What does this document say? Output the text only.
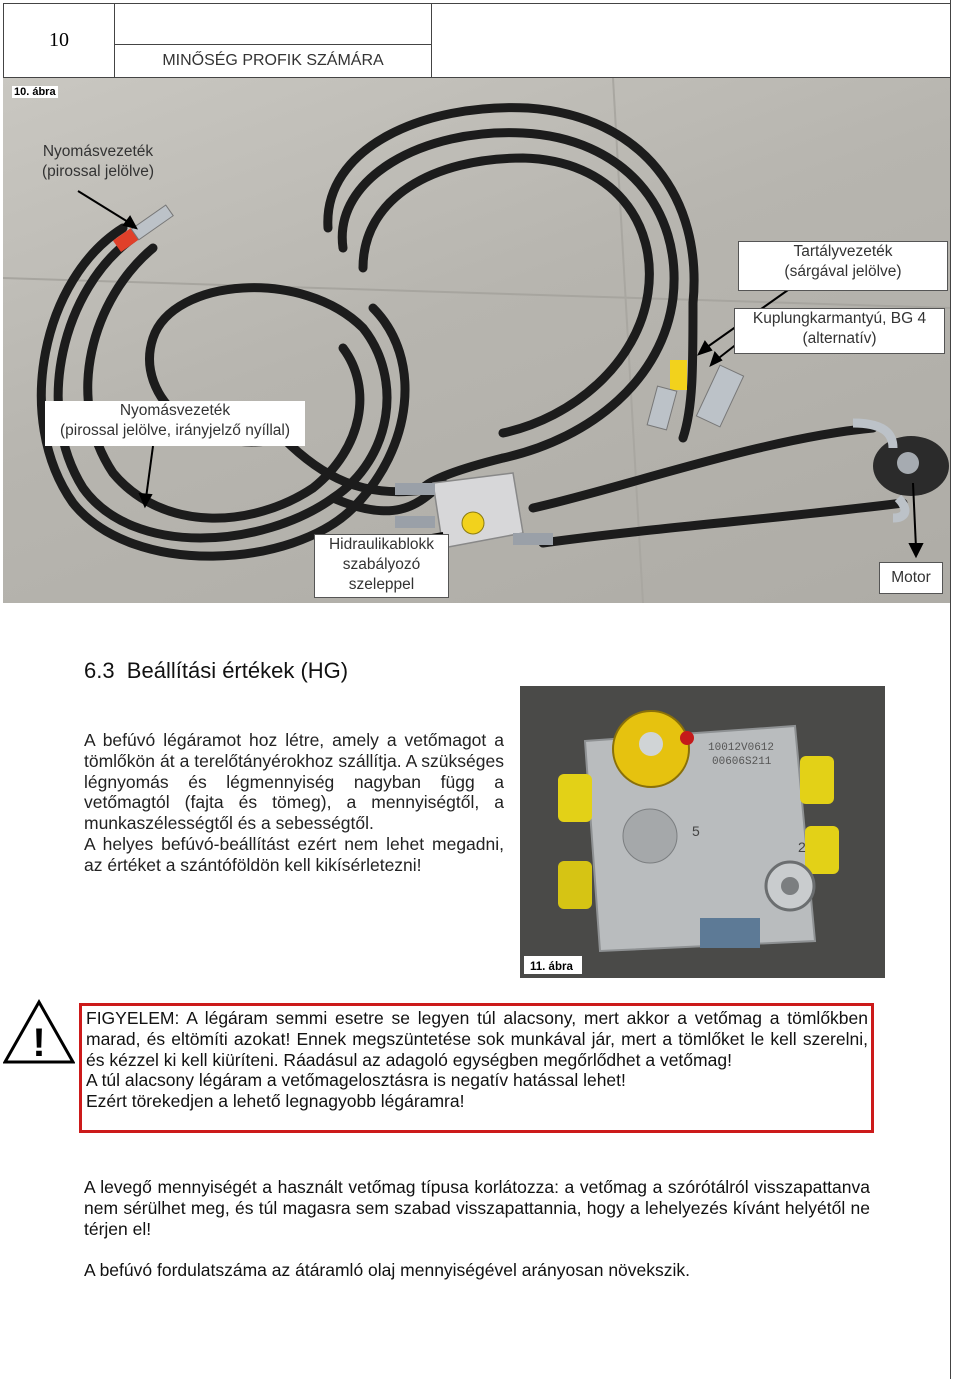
10
MINŐSÉG PROFIK SZÁMÁRA
10. ábra
Nyomásvezeték
(pirossal jelölve)
Tartályvezeték
(sárgával jelölve)
Kuplungkarmantyú, BG 4
(alternatív)
Nyomásvezeték
(pirossal jelölve, irányjelző nyíllal)
Hidraulikablokk
szabályozó
szeleppel	Motor
6.3  Beállítási értékek (HG)

A befúvó légáramot hoz létre, amely a vetőmagot a tömlőkön át a terelőtányérokhoz szállítja. A szükséges légnyomás és légmennyiség nagyban függ a vetőmagtól (fajta és tömeg), a mennyiségtől, a munkaszélességtől és a sebességtől.

A helyes befúvó-beállítást ezért nem lehet megadni, az értéket a szántóföldön kell kikísérletezni!

10012V0612
00606S211
5
2
11. ábra
!

FIGYELEM: A légáram semmi esetre se legyen túl alacsony, mert akkor a vetőmag a tömlőkben marad, és eltömíti azokat! Ennek megszüntetése sok munkával jár, mert a tömlőket le kell szerelni, és kézzel ki kell kiüríteni. Ráadásul az adagoló egységben megőrlődhet a vetőmag!

A túl alacsony légáram a vetőmagelosztásra is negatív hatással lehet!

Ezért törekedjen a lehető legnagyobb légáramra!

A levegő mennyiségét a használt vetőmag típusa korlátozza: a vetőmag a szórótálról visszapattanva nem sérülhet meg, és túl magasra sem szabad visszapattannia, hogy a lehelyezés kívánt helyétől ne térjen el!
A befúvó fordulatszáma az átáramló olaj mennyiségével arányosan növekszik.
